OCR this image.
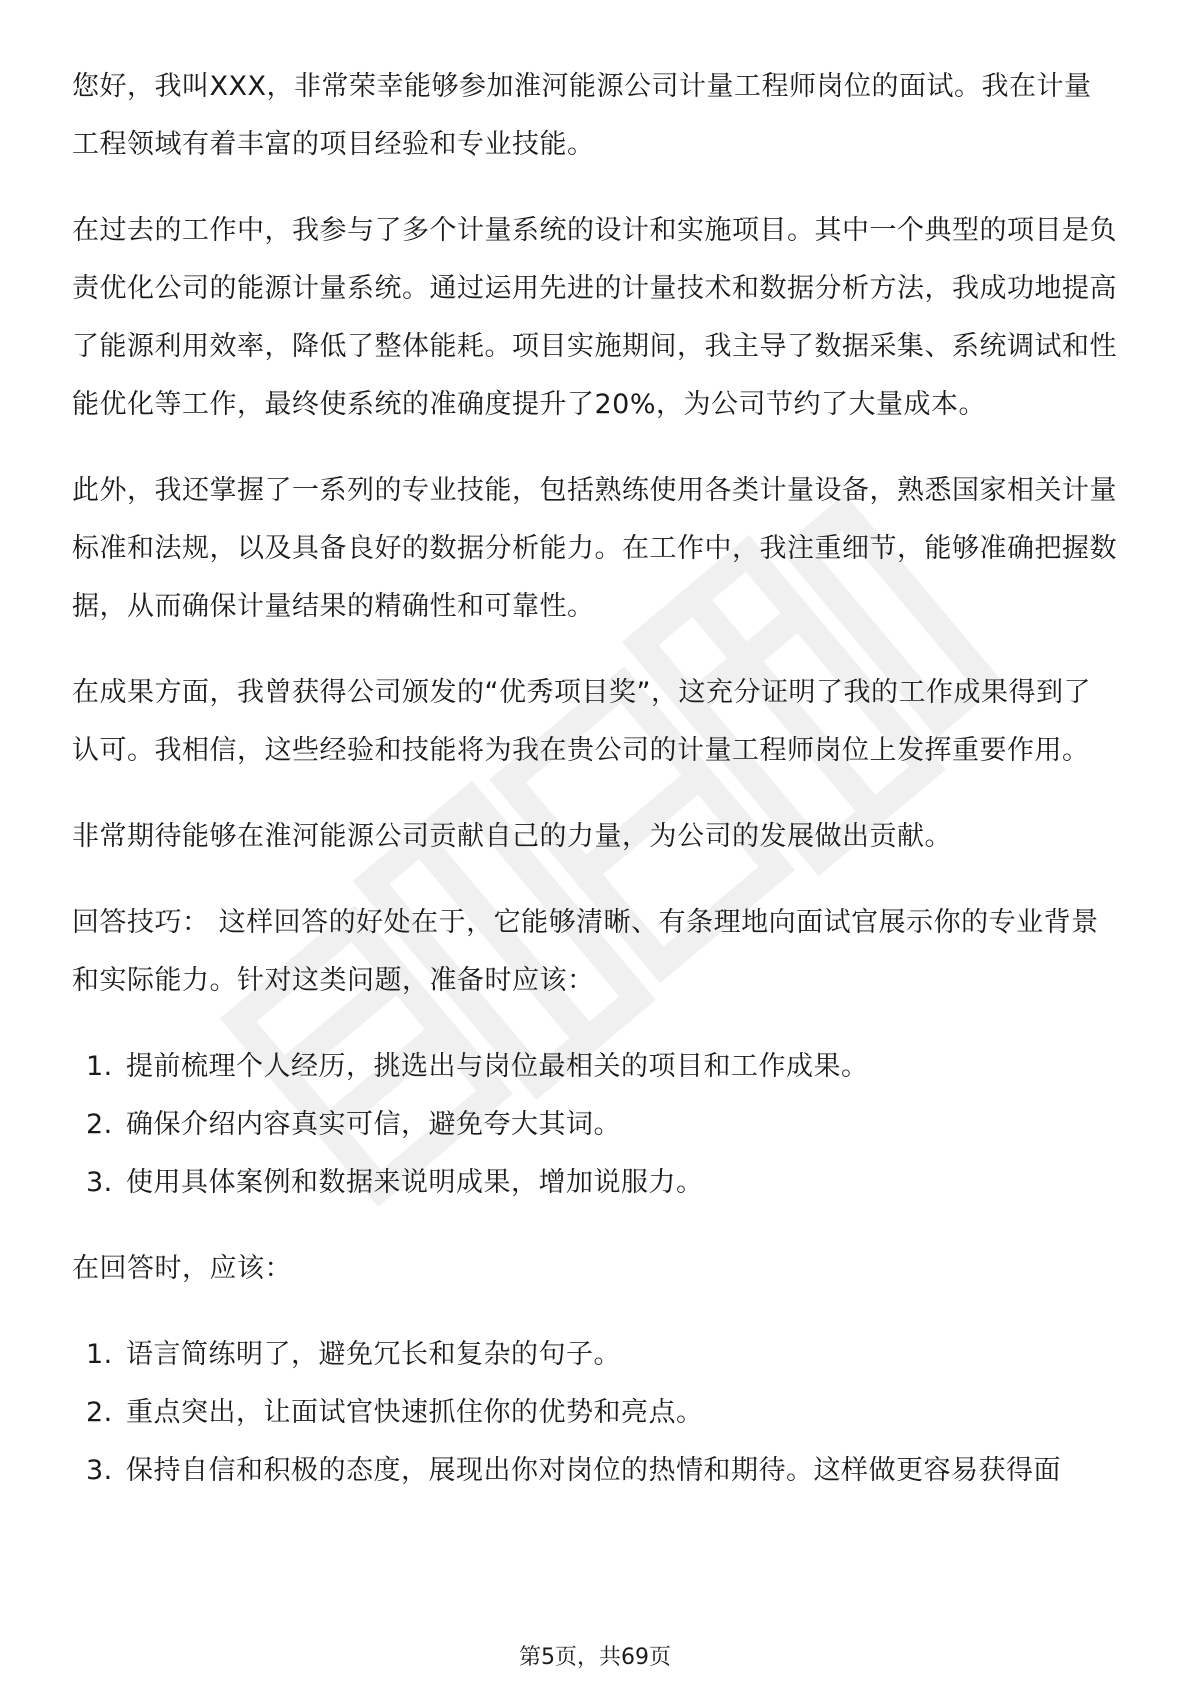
您好，我叫XXX，非常荣幸能够参加淮河能源公司计量工程师岗位的面试。我在计量工程领域有着丰富的项目经验和专业技能。

在过去的工作中，我参与了多个计量系统的设计和实施项目。其中一个典型的项目是负责优化公司的能源计量系统。通过运用先进的计量技术和数据分析方法，我成功地提高了能源利用效率，降低了整体能耗。项目实施期间，我主导了数据采集、系统调试和性能优化等工作，最终使系统的准确度提升了20%，为公司节约了大量成本。

此外，我还掌握了一系列的专业技能，包括熟练使用各类计量设备，熟悉国家相关计量标准和法规，以及具备良好的数据分析能力。在工作中，我注重细节，能够准确把握数据，从而确保计量结果的精确性和可靠性。

在成果方面，我曾获得公司颁发的“优秀项目奖”，这充分证明了我的工作成果得到了认可。我相信，这些经验和技能将为我在贵公司的计量工程师岗位上发挥重要作用。

非常期待能够在淮河能源公司贡献自己的力量，为公司的发展做出贡献。

回答技巧： 这样回答的好处在于，它能够清晰、有条理地向面试官展示你的专业背景和实际能力。针对这类问题，准备时应该：

1. 提前梳理个人经历，挑选出与岗位最相关的项目和工作成果。
2. 确保介绍内容真实可信，避免夸大其词。
3. 使用具体案例和数据来说明成果，增加说服力。

在回答时，应该：

1. 语言简练明了，避免冗长和复杂的句子。
2. 重点突出，让面试官快速抓住你的优势和亮点。
3. 保持自信和积极的态度，展现出你对岗位的热情和期待。这样做更容易获得面
第5页，共69页
